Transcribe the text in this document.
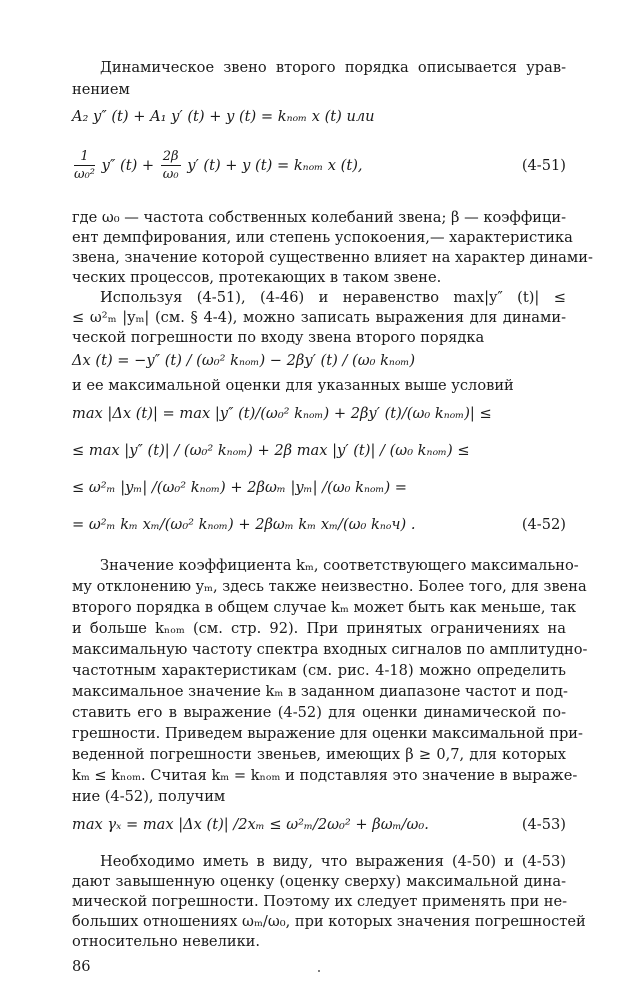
Динамическое звено второго порядка описывается урав-
нением
A₂ y″ (t) + A₁ y′ (t) + y (t) = kₙₒₘ x (t) или
$\frac{1}{\text{ω₀²}} y''$ $(t) + \frac{2\beta}{\text{ω₀}} y'$ (t) + y (t) = kₙₒₘ x (t),	(4-51)
где ω₀ — частота собственных колебаний звена; β — коэффици-
ент демпфирования, или степень успокоения,— характеристика
звена, значение которой существенно влияет на характер динами-
ческих процессов, протекающих в таком звене.
Используя (4-51), (4-46) и неравенство max|y″ (t)| ≤
≤ ω²ₘ |yₘ| (см. § 4-4), можно записать выражения для динами-
ческой погрешности по входу звена второго порядка
Δx (t) = −y″ (t) / (ω₀² kₙₒₘ) − 2βy′ (t) / (ω₀ kₙₒₘ)
и ее максимальной оценки для указанных выше условий
max |Δx (t)| = max |y″ (t)/(ω₀² kₙₒₘ) + 2βy′ (t)/(ω₀ kₙₒₘ)| ≤
≤ max |y″ (t)| / (ω₀² kₙₒₘ) + 2β max |y′ (t)| / (ω₀ kₙₒₘ) ≤
≤ ω²ₘ |yₘ| /(ω₀² kₙₒₘ) + 2βωₘ |yₘ| /(ω₀ kₙₒₘ) =
= ω²ₘ kₘ xₘ/(ω₀² kₙₒₘ) + 2βωₘ kₘ xₘ/(ω₀ kₙₒч) .	(4-52)
Значение коэффициента kₘ, соответствующего максимально-
му отклонению yₘ, здесь также неизвестно. Более того, для звена
второго порядка в общем случае kₘ может быть как меньше, так
и больше kₙₒₘ (см. стр. 92). При принятых ограничениях на
максимальную частоту спектра входных сигналов по амплитудно-
частотным характеристикам (см. рис. 4-18) можно определить
максимальное значение kₘ в заданном диапазоне частот и под-
ставить его в выражение (4-52) для оценки динамической по-
грешности. Приведем выражение для оценки максимальной при-
веденной погрешности звеньев, имеющих β ≥ 0,7, для которых
kₘ ≤ kₙₒₘ. Считая kₘ = kₙₒₘ и подставляя это значение в выраже-
ние (4-52), получим
max γₓ = max |Δx (t)| /2xₘ ≤ ω²ₘ/2ω₀² + βωₘ/ω₀.	(4-53)
Необходимо иметь в виду, что выражения (4-50) и (4-53)
дают завышенную оценку (оценку сверху) максимальной дина-
мической погрешности. Поэтому их следует применять при не-
больших отношениях ωₘ/ω₀, при которых значения погрешностей
относительно невелики.
86
